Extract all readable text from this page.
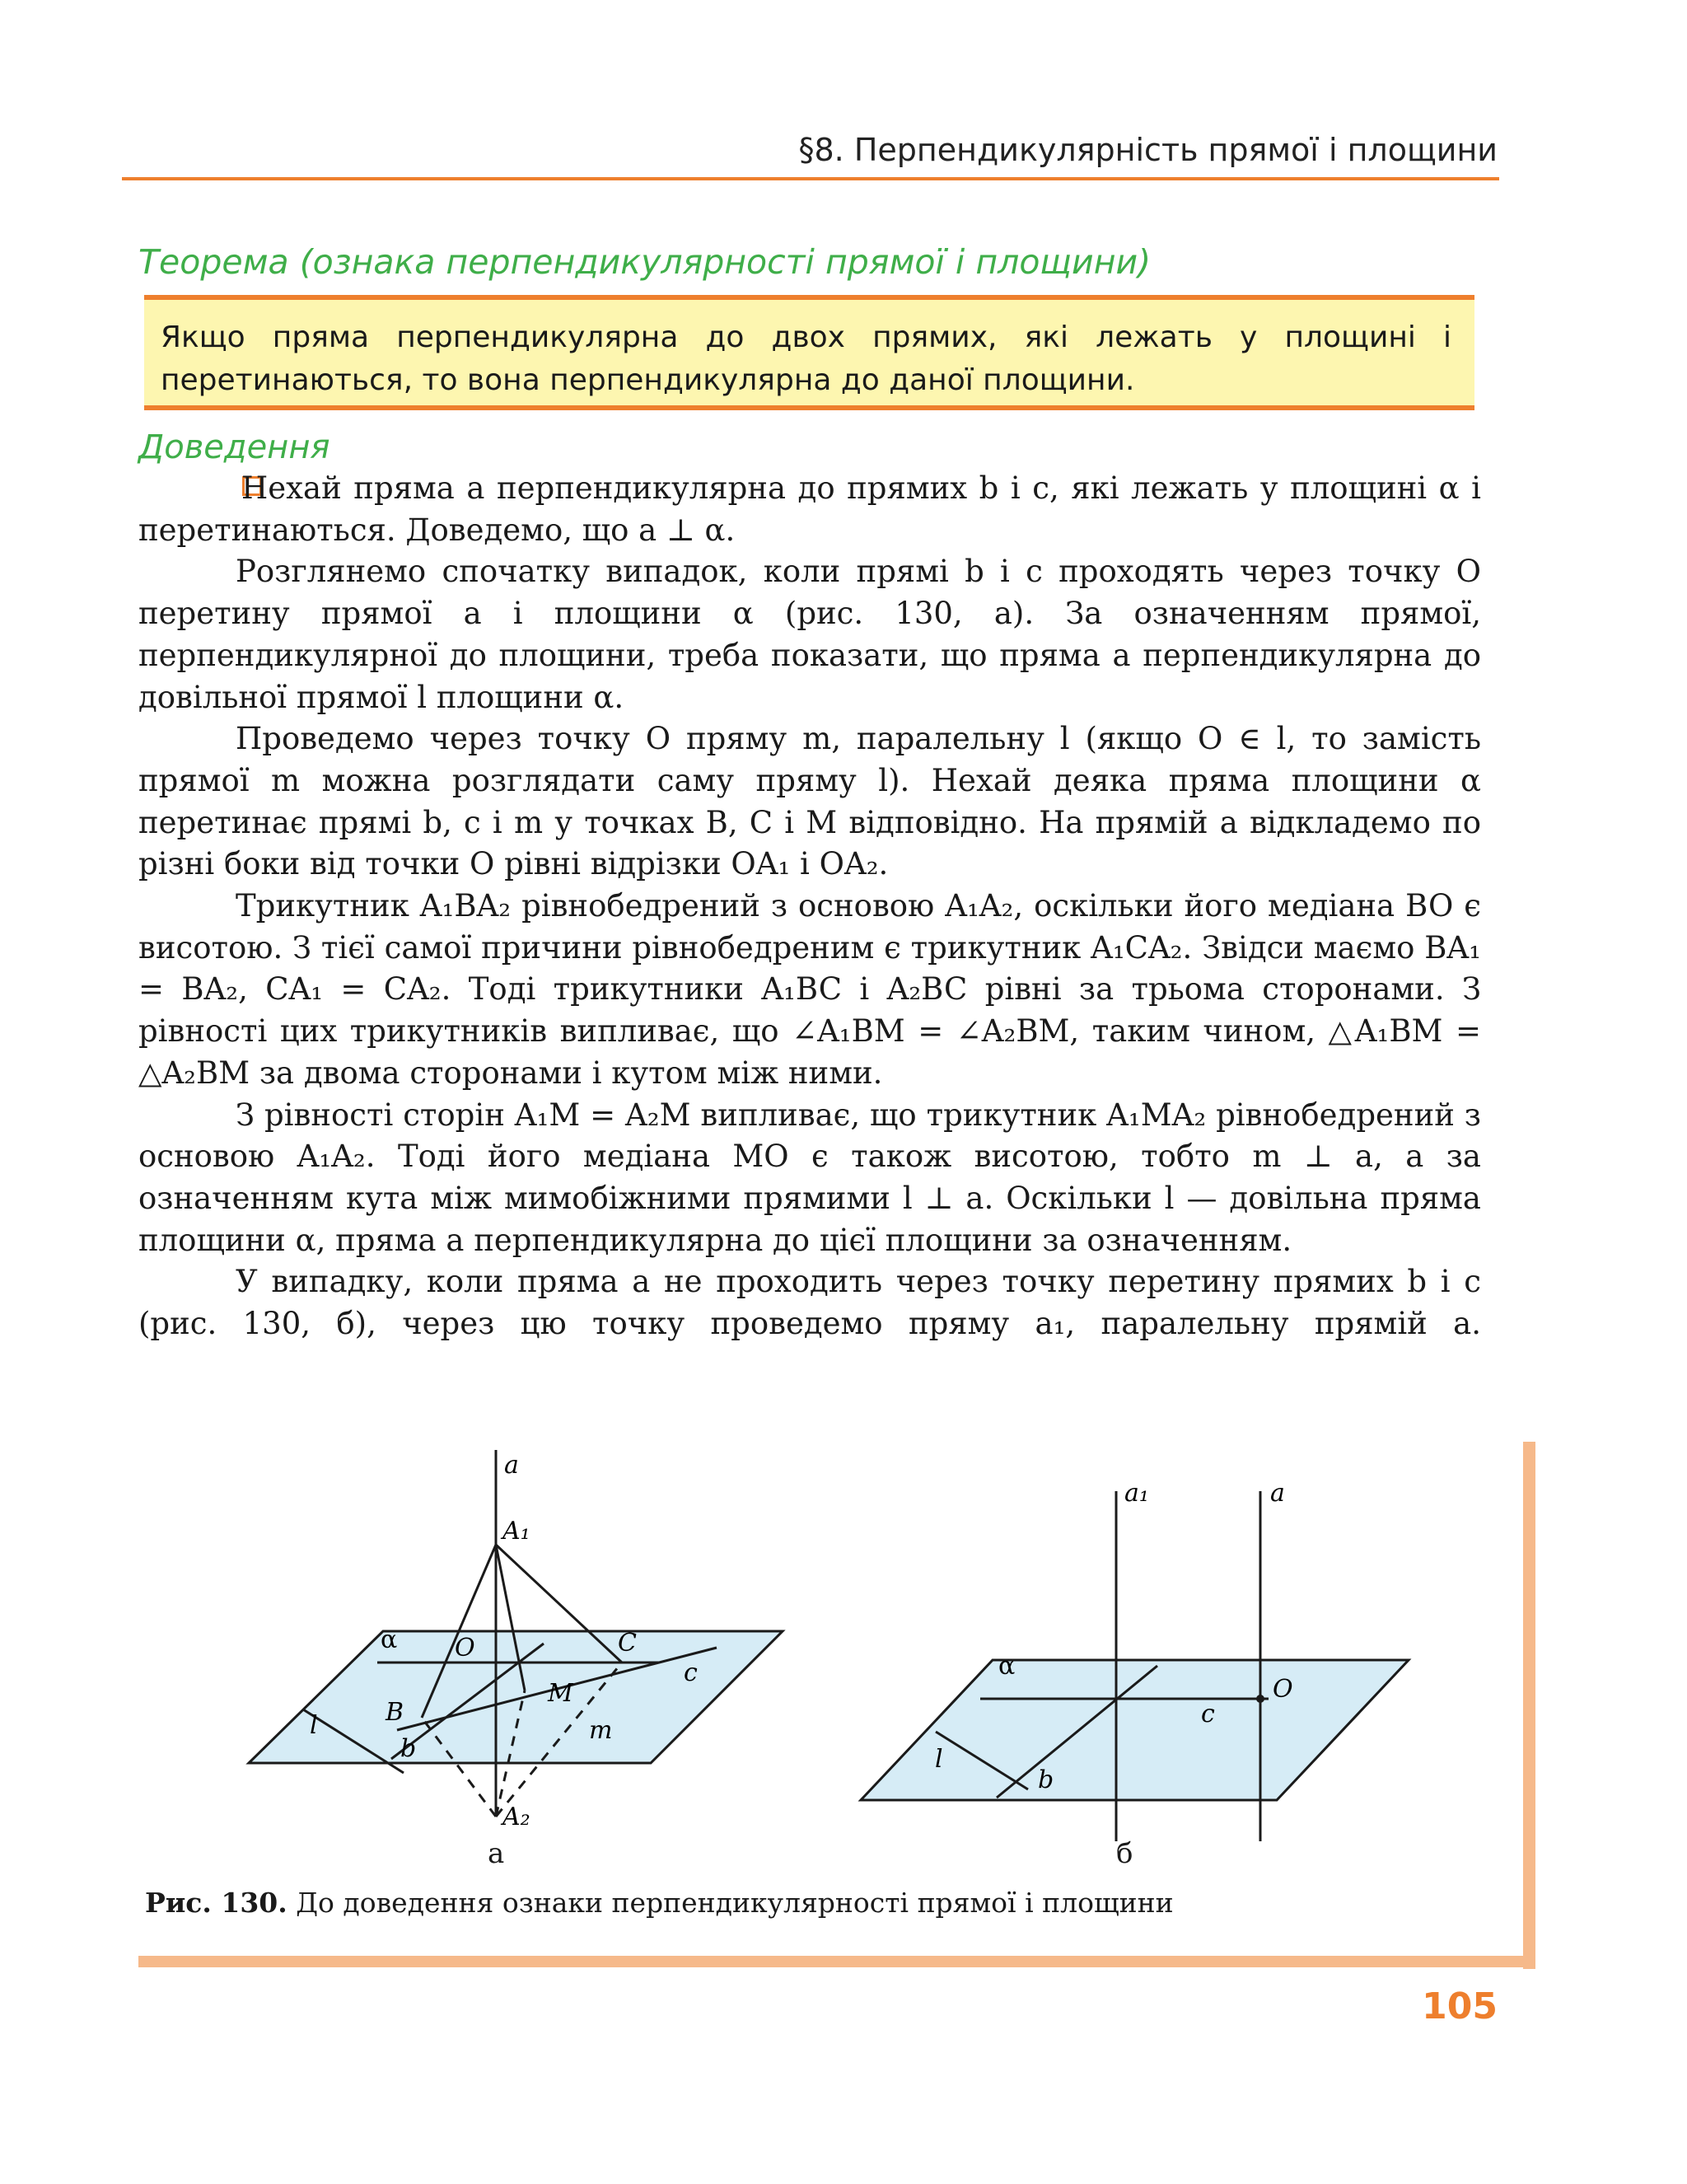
§8. Перпендикулярність прямої і площини
Теорема (ознака перпендикулярності прямої і площини)
Якщо пряма перпендикулярна до двох прямих, які лежать у площині і перетинаються, то вона перпендикулярна до даної площини.
Доведення

Нехай пряма a перпендикулярна до прямих b і c, які лежать у площині α і перетинаються. Доведемо, що a ⊥ α.

Розглянемо спочатку випадок, коли прямі b і c проходять через точку O перетину прямої a і площини α (рис. 130, а). За означенням прямої, перпендикулярної до площини, треба показати, що пряма a перпендикулярна до довільної прямої l площини α.

Проведемо через точку O пряму m, паралельну l (якщо O ∈ l, то замість прямої m можна розглядати саму пряму l). Нехай деяка пряма площини α перетинає прямі b, c і m у точках B, C і M відповідно. На прямій a відкладемо по різні боки від точки O рівні відрізки OA₁ і OA₂.

Трикутник A₁BA₂ рівнобедрений з основою A₁A₂, оскільки його медіана BO є висотою. З тієї самої причини рівнобедреним є трикутник A₁CA₂. Звідси маємо BA₁ = BA₂, CA₁ = CA₂. Тоді трикутники A₁BC і A₂BC рівні за трьома сторонами. З рівності цих трикутників випливає, що ∠A₁BM = ∠A₂BM, таким чином, △A₁BM = △A₂BM за двома сторонами і кутом між ними.

З рівності сторін A₁M = A₂M випливає, що трикутник A₁MA₂ рівнобедрений з основою A₁A₂. Тоді його медіана MO є також висотою, тобто m ⊥ a, а за означенням кута між мимобіжними прямими l ⊥ a. Оскільки l — довільна пряма площини α, пряма a перпендикулярна до цієї площини за означенням.

У випадку, коли пряма a не проходить через точку перетину прямих b і c (рис. 130, б), через цю точку проведемо пряму a₁, паралельну прямій a.

a
A₁
α O	C
c
B
M
l
b
m
A₂
a₁	a
α
O
c
l
b
а	б
Рис. 130. До доведення ознаки перпендикулярності прямої і площини
105
